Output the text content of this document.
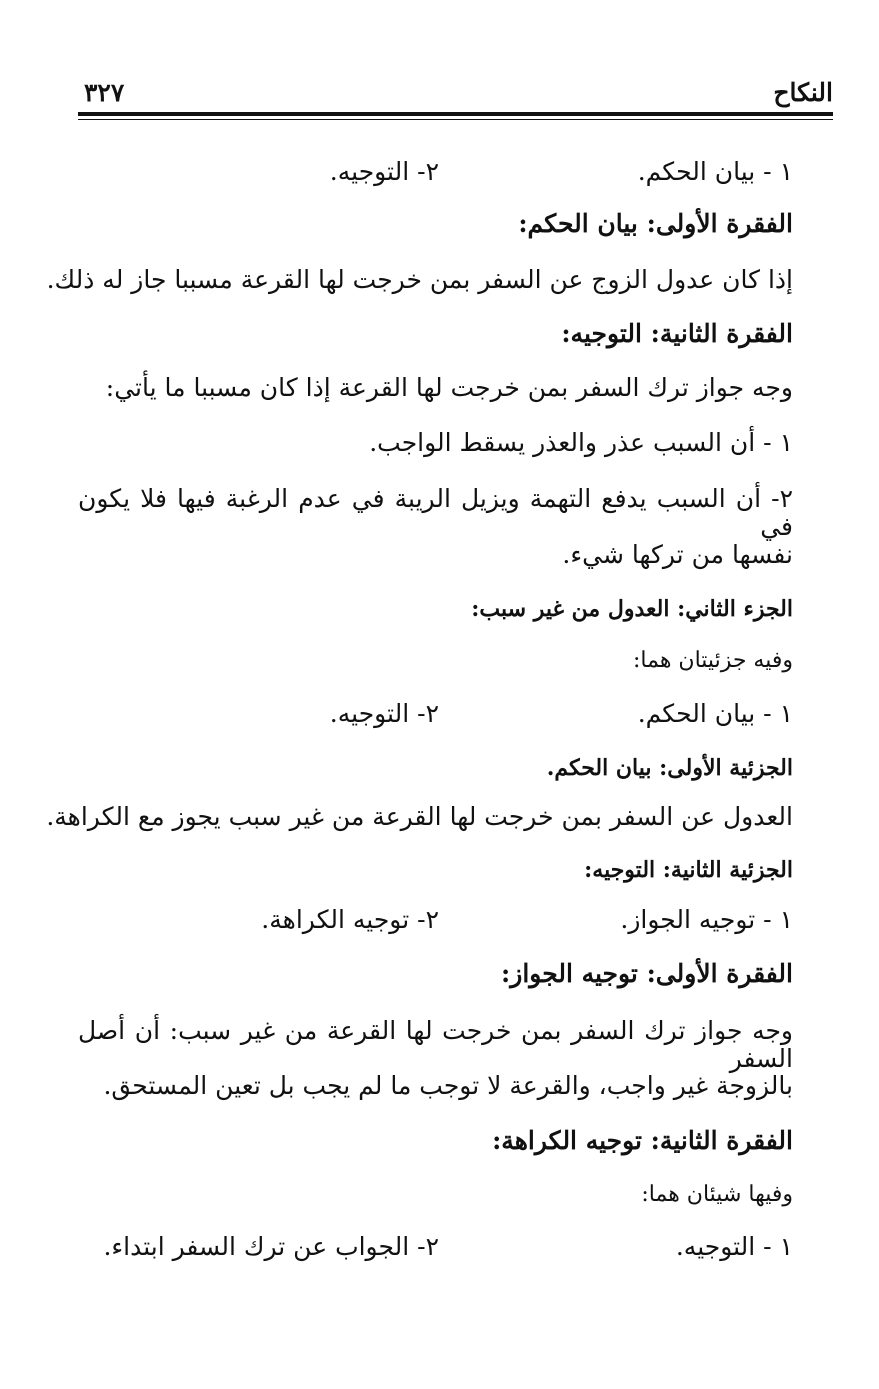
النكاح
٣٢٧
١ - بيان الحكم.
٢- التوجيه.
الفقرة الأولى: بيان الحكم:
إذا كان عدول الزوج عن السفر بمن خرجت لها القرعة مسببا جاز له ذلك.
الفقرة الثانية: التوجيه:
وجه جواز ترك السفر بمن خرجت لها القرعة إذا كان مسببا ما يأتي:
١ - أن السبب عذر والعذر يسقط الواجب.
٢- أن السبب يدفع التهمة ويزيل الريبة في عدم الرغبة فيها فلا يكون في
نفسها من تركها شيء.
الجزء الثاني: العدول من غير سبب:
وفيه جزئيتان هما:
١ - بيان الحكم.
٢- التوجيه.
الجزئية الأولى: بيان الحكم.
العدول عن السفر بمن خرجت لها القرعة من غير سبب يجوز مع الكراهة.
الجزئية الثانية: التوجيه:
١ - توجيه الجواز.
٢- توجيه الكراهة.
الفقرة الأولى: توجيه الجواز:
وجه جواز ترك السفر بمن خرجت لها القرعة من غير سبب: أن أصل السفر
بالزوجة غير واجب، والقرعة لا توجب ما لم يجب بل تعين المستحق.
الفقرة الثانية: توجيه الكراهة:
وفيها شيئان هما:
١ - التوجيه.
٢- الجواب عن ترك السفر ابتداء.
